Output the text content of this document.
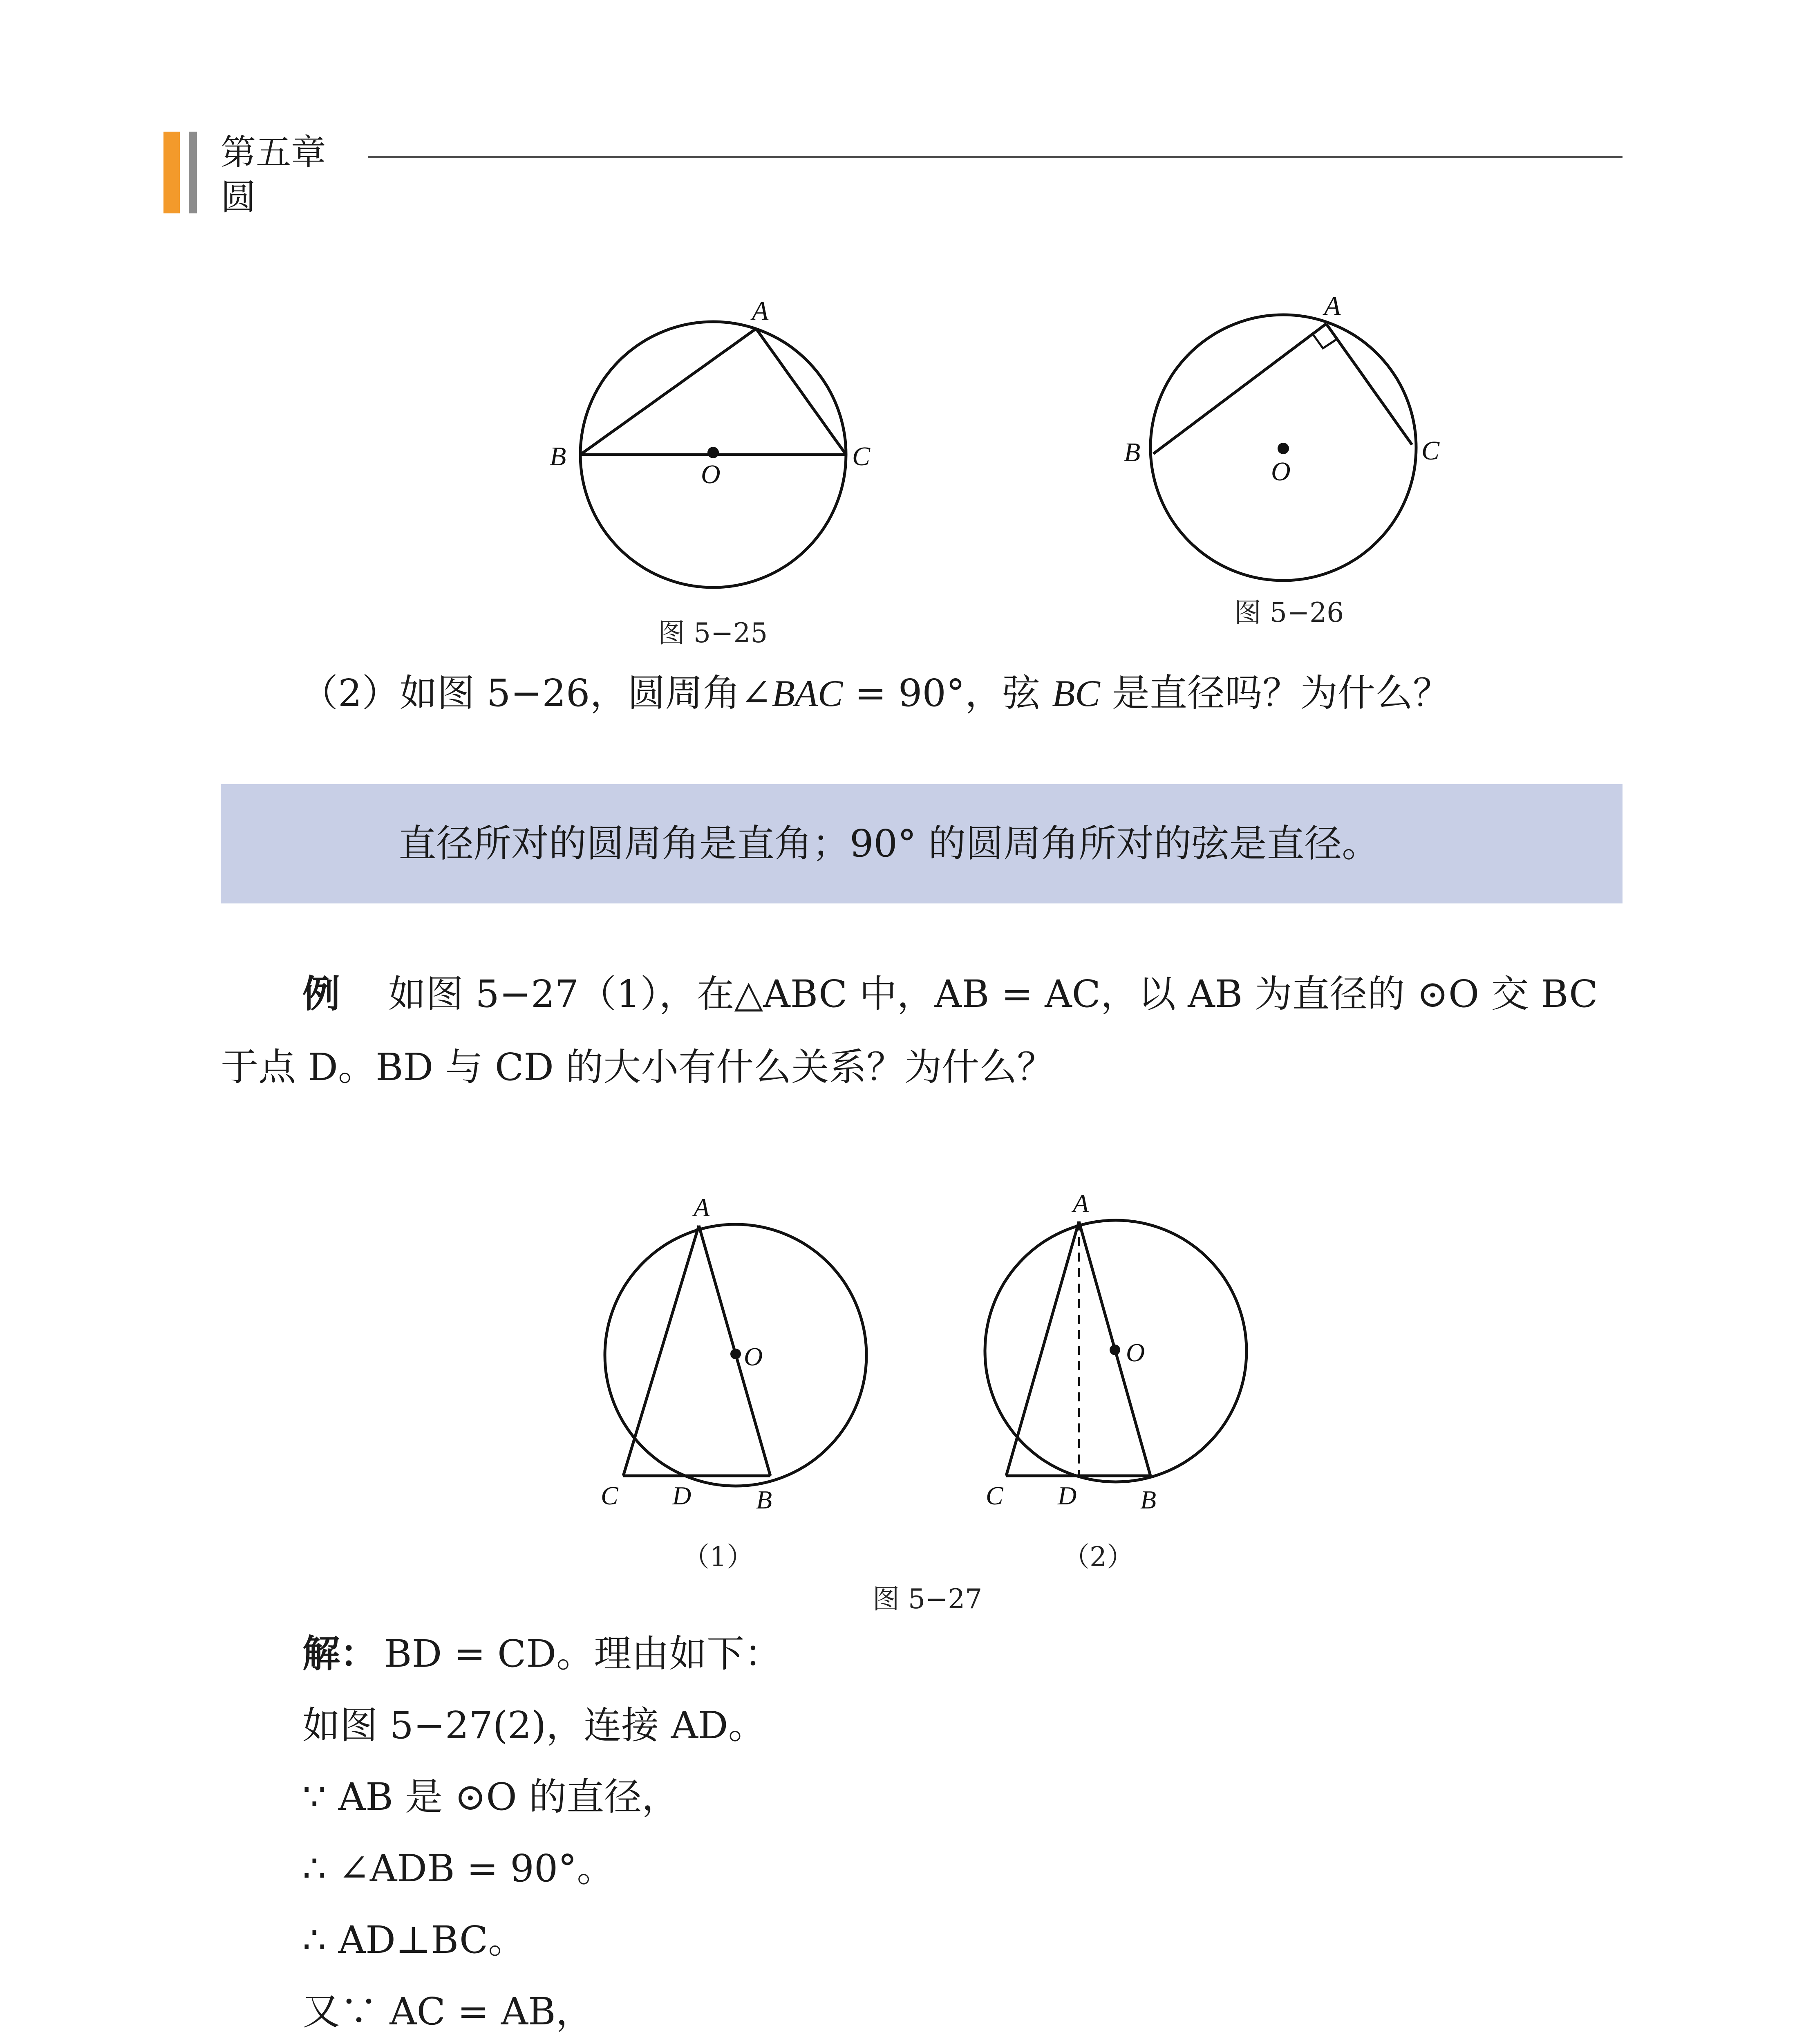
第五章
圆
A
B	C
O
A
B	C
O
图 5−25
图 5−26
（2）如图 5−26，圆周角∠BAC = 90°，弦 BC 是直径吗？为什么？
直径所对的圆周角是直角；90° 的圆周角所对的弦是直径。
例 如图 5−27（1），在△ABC 中，AB = AC，以 AB 为直径的 ⊙O 交 BC
于点 D。BD 与 CD 的大小有什么关系？为什么？
A
O
C D B
A
O
C D B
（1）	（2）
图 5−27
解： BD = CD。理由如下：
如图 5−27(2)，连接 AD。
∵ AB 是 ⊙O 的直径，
∴ ∠ADB = 90°。
∴ AD⊥BC。
又∵ AC = AB，
